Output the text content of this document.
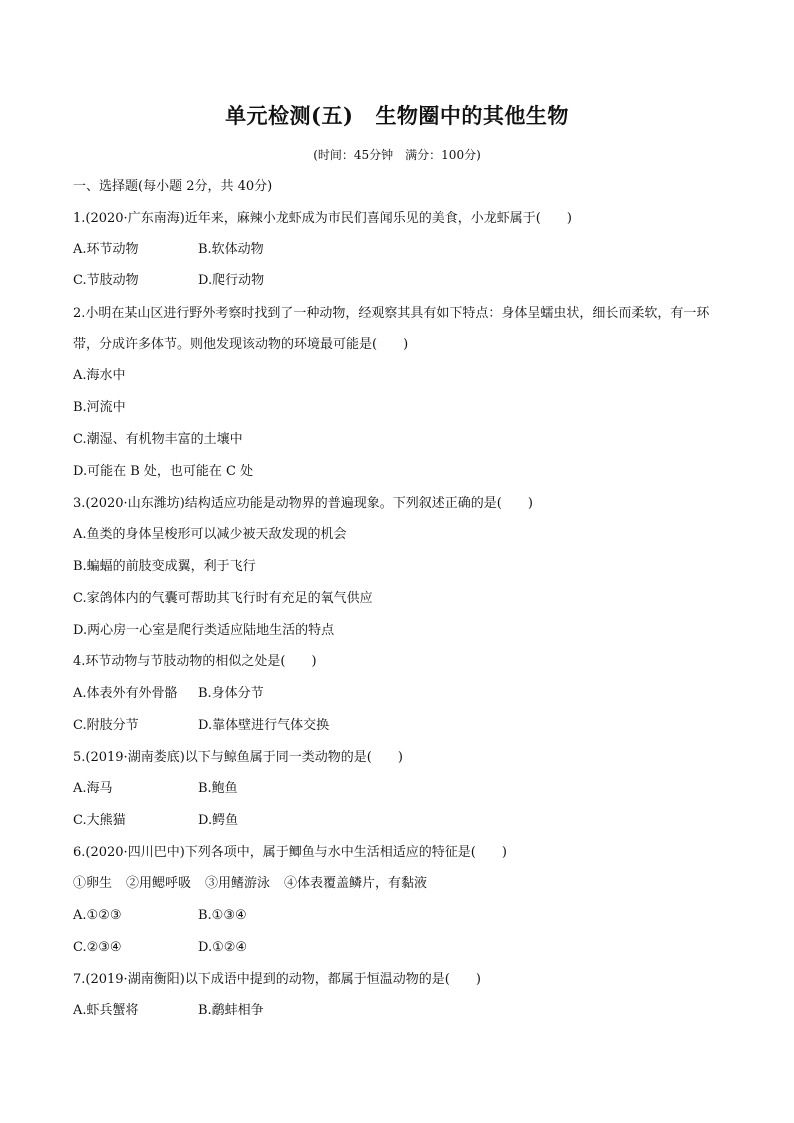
单元检测(五) 生物圈中的其他生物
(时间：45分钟 满分：100分)
一、选择题(每小题 2分，共 40分)
1.(2020·广东南海)近年来，麻辣小龙虾成为市民们喜闻乐见的美食，小龙虾属于(　　)
A.环节动物	B.软体动物
C.节肢动物	D.爬行动物
2.小明在某山区进行野外考察时找到了一种动物，经观察其具有如下特点：身体呈蠕虫状，细长而柔软，有一环带，分成许多体节。则他发现该动物的环境最可能是(　　)
A.海水中
B.河流中
C.潮湿、有机物丰富的土壤中
D.可能在 B 处，也可能在 C 处
3.(2020·山东潍坊)结构适应功能是动物界的普遍现象。下列叙述正确的是(　　)
A.鱼类的身体呈梭形可以减少被天敌发现的机会
B.蝙蝠的前肢变成翼，利于飞行
C.家鸽体内的气囊可帮助其飞行时有充足的氧气供应
D.两心房一心室是爬行类适应陆地生活的特点
4.环节动物与节肢动物的相似之处是(　　)
A.体表外有外骨骼 B.身体分节
C.附肢分节	D.靠体壁进行气体交换
5.(2019·湖南娄底)以下与鲸鱼属于同一类动物的是(　　)
A.海马	B.鲍鱼
C.大熊猫	D.鳄鱼
6.(2020·四川巴中)下列各项中，属于鲫鱼与水中生活相适应的特征是(　　)
①卵生 ②用鳃呼吸 ③用鳍游泳 ④体表覆盖鳞片，有黏液
A.①②③	B.①③④
C.②③④	D.①②④
7.(2019·湖南衡阳)以下成语中提到的动物，都属于恒温动物的是(　　)
A.虾兵蟹将	B.鹬蚌相争
